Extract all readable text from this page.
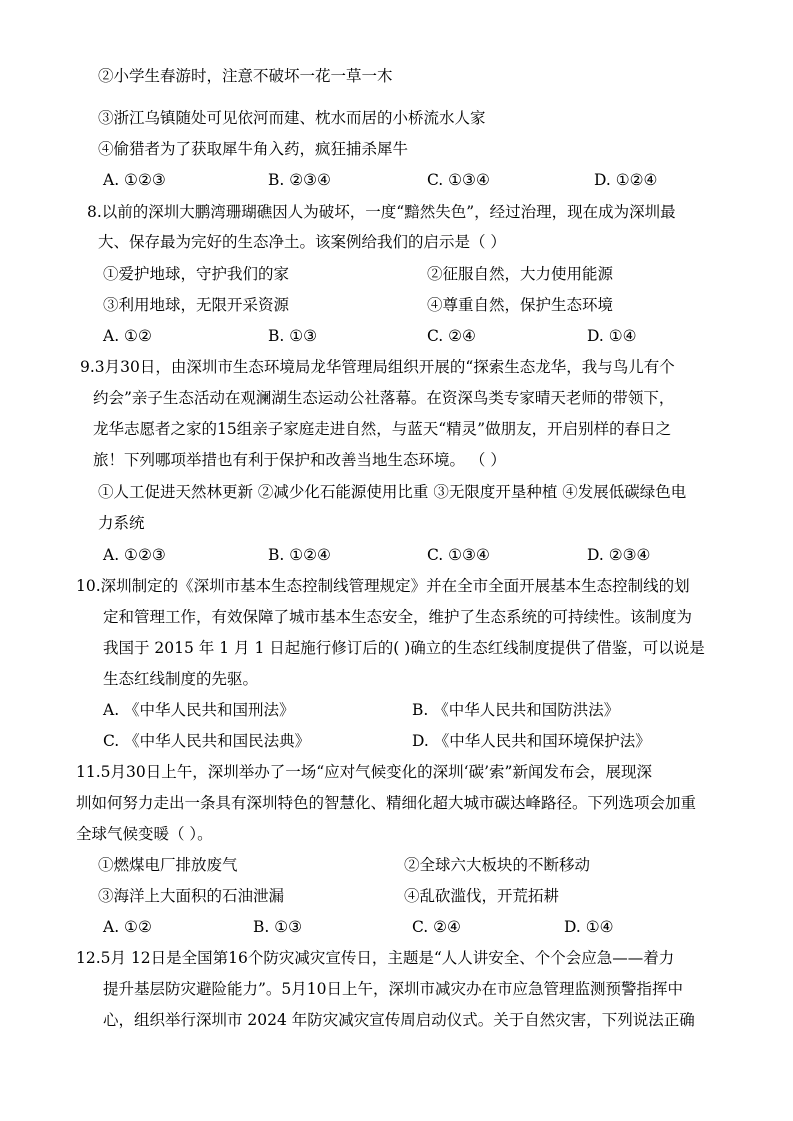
②小学生春游时，注意不破坏一花一草一木
③浙江乌镇随处可见依河而建、枕水而居的小桥流水人家
④偷猎者为了获取犀牛角入药，疯狂捕杀犀牛
A. ①②③	B. ②③④	C. ①③④	D. ①②④
8.以前的深圳大鹏湾珊瑚礁因人为破坏，一度“黯然失色”，经过治理，现在成为深圳最
大、保存最为完好的生态净土。该案例给我们的启示是（ ）
①爱护地球，守护我们的家	②征服自然，大力使用能源
③利用地球，无限开采资源	④尊重自然，保护生态环境
A. ①②	B. ①③	C. ②④	D. ①④
9.3月30日，由深圳市生态环境局龙华管理局组织开展的“探索生态龙华，我与鸟儿有个
约会”亲子生态活动在观澜湖生态运动公社落幕。在资深鸟类专家晴天老师的带领下，
龙华志愿者之家的15组亲子家庭走进自然，与蓝天“精灵”做朋友，开启别样的春日之
旅！下列哪项举措也有利于保护和改善当地生态环境。 （ ）
①人工促进天然林更新 ②减少化石能源使用比重 ③无限度开垦种植 ④发展低碳绿色电
力系统
A. ①②③	B. ①②④	C. ①③④	D. ②③④
10.深圳制定的《深圳市基本生态控制线管理规定》并在全市全面开展基本生态控制线的划
定和管理工作，有效保障了城市基本生态安全，维护了生态系统的可持续性。该制度为
我国于 2015 年 1 月 1 日起施行修订后的( )确立的生态红线制度提供了借鉴，可以说是
生态红线制度的先驱。
A. 《中华人民共和国刑法》	B. 《中华人民共和国防洪法》
C. 《中华人民共和国民法典》	D. 《中华人民共和国环境保护法》
11.5月30日上午，深圳举办了一场“应对气候变化的深圳‘碳’索”新闻发布会，展现深
圳如何努力走出一条具有深圳特色的智慧化、精细化超大城市碳达峰路径。下列选项会加重
全球气候变暖（ ）。
①燃煤电厂排放废气	②全球六大板块的不断移动
③海洋上大面积的石油泄漏	④乱砍滥伐，开荒拓耕
A. ①②	B. ①③	C. ②④	D. ①④
12.5月 12日是全国第16个防灾减灾宣传日，主题是“人人讲安全、个个会应急——着力
提升基层防灾避险能力”。5月10日上午，深圳市减灾办在市应急管理监测预警指挥中
心，组织举行深圳市 2024 年防灾减灾宣传周启动仪式。关于自然灾害，下列说法正确
